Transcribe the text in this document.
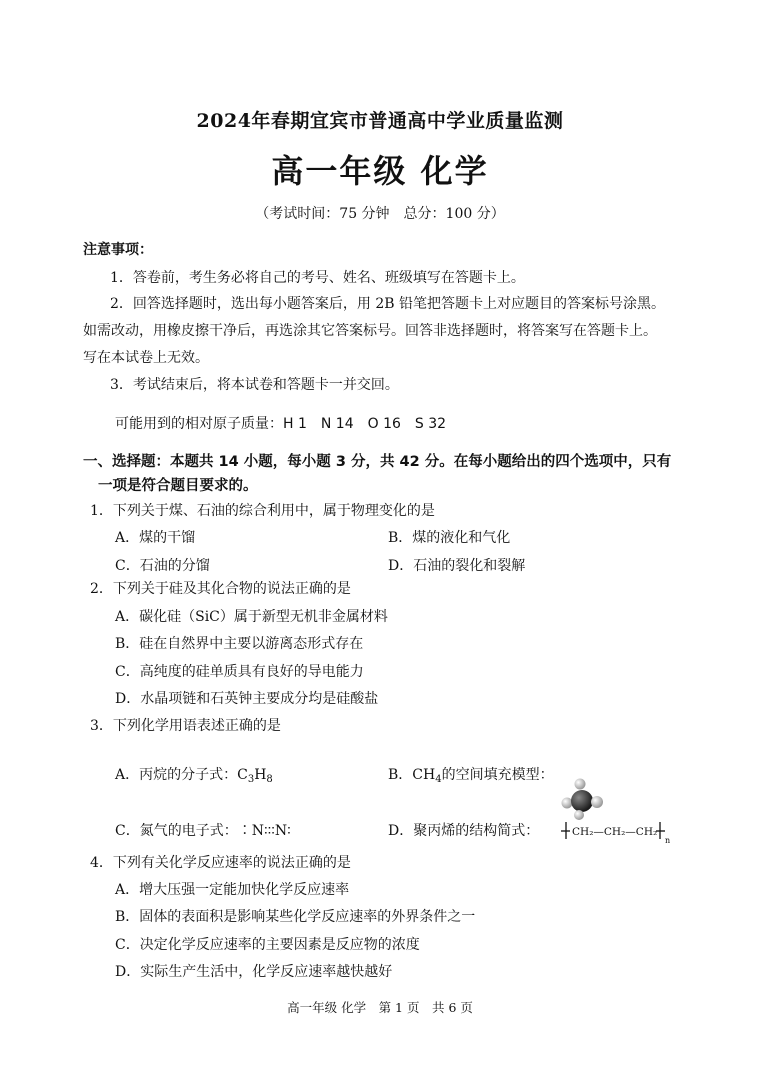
2024年春期宜宾市普通高中学业质量监测
高一年级 化学
（考试时间：75 分钟　总分：100 分）
注意事项：
1．答卷前，考生务必将自己的考号、姓名、班级填写在答题卡上。
2．回答选择题时，选出每小题答案后，用 2B 铅笔把答题卡上对应题目的答案标号涂黑。
如需改动，用橡皮擦干净后，再选涂其它答案标号。回答非选择题时，将答案写在答题卡上。
写在本试卷上无效。
3．考试结束后，将本试卷和答题卡一并交回。
可能用到的相对原子质量：H 1　N 14　O 16　S 32
一、选择题：本题共 14 小题，每小题 3 分，共 42 分。在每小题给出的四个选项中，只有
一项是符合题目要求的。
1．下列关于煤、石油的综合利用中，属于物理变化的是
A．煤的干馏	B．煤的液化和气化
C．石油的分馏	D．石油的裂化和裂解
2．下列关于硅及其化合物的说法正确的是
A．碳化硅（SiC）属于新型无机非金属材料
B．硅在自然界中主要以游离态形式存在
C．高纯度的硅单质具有良好的导电能力
D．水晶项链和石英钟主要成分均是硅酸盐
3．下列化学用语表述正确的是
A．丙烷的分子式：$C_3H_8$	B．$CH_4$的空间填充模型：
C．氮气的电子式：∶N∶∶∶N∶	D．聚丙烯的结构简式：	CH₂—CH₂—CH₂
n
4．下列有关化学反应速率的说法正确的是
A．增大压强一定能加快化学反应速率
B．固体的表面积是影响某些化学反应速率的外界条件之一
C．决定化学反应速率的主要因素是反应物的浓度
D．实际生产生活中，化学反应速率越快越好
高一年级 化学　第 1 页　共 6 页
